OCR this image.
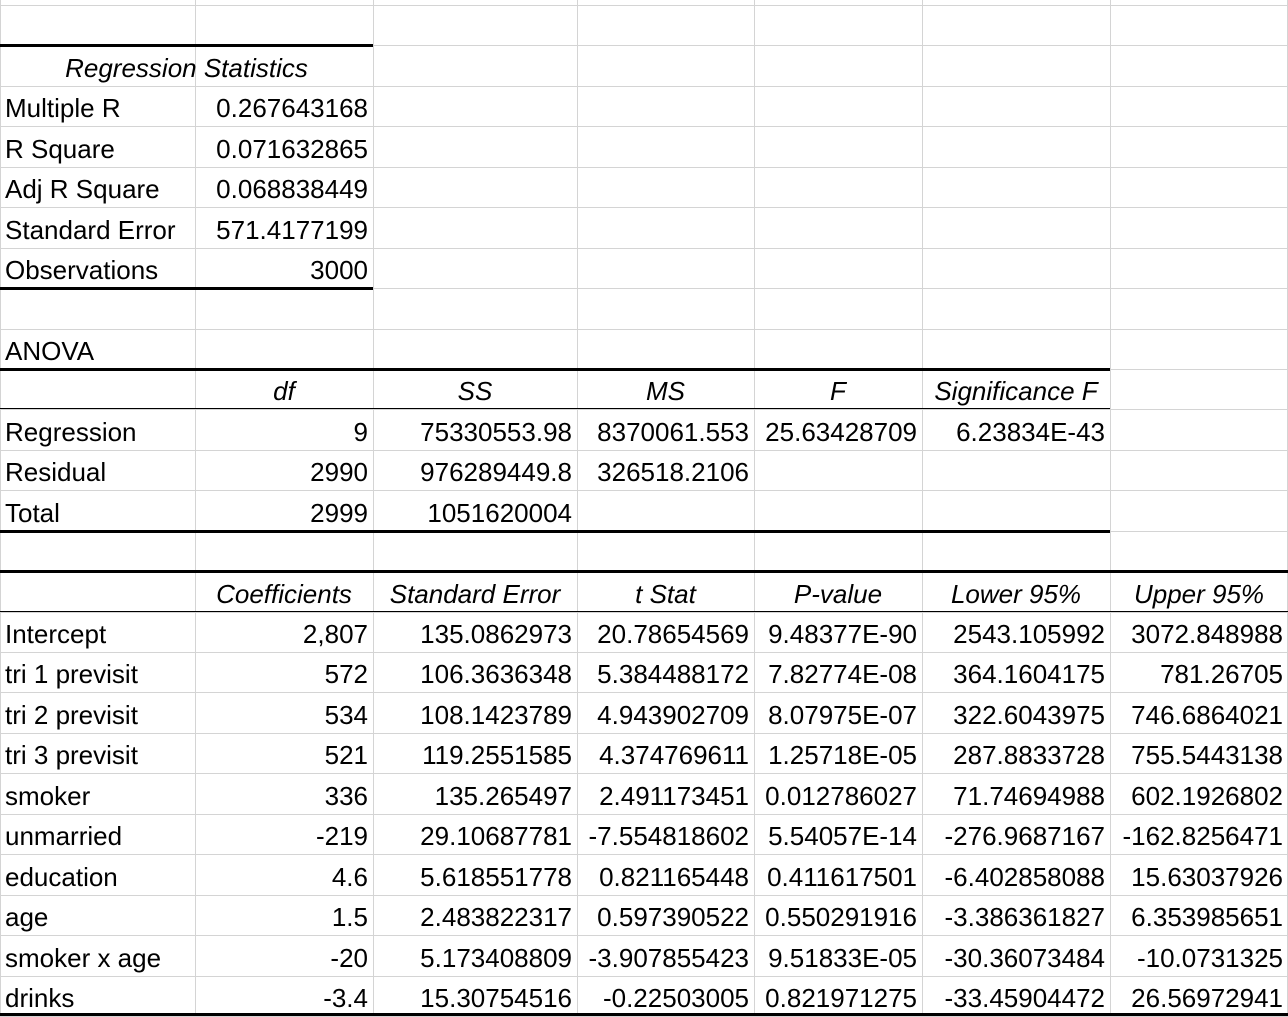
Regression Statistics
Multiple R	0.267643168
R Square	0.071632865
Adj R Square	0.068838449
Standard Error	571.4177199
Observations	3000
ANOVA
df	SS	MS	F	Significance F
Regression	9	75330553.98 8370061.553 25.63428709	6.23834E-43
Residual	2990	976289449.8 326518.2106
Total	2999	1051620004
Coefficients	Standard Error	t Stat	P-value	Lower 95%	Upper 95%
Intercept	2,807	135.0862973 20.78654569 9.48377E-90	2543.105992	3072.848988
tri 1 previsit	572	106.3636348 5.384488172 7.82774E-08	364.1604175	781.26705
tri 2 previsit	534	108.1423789 4.943902709 8.07975E-07	322.6043975	746.6864021
tri 3 previsit	521	119.2551585	4.374769611 1.25718E-05	287.8833728	755.5443138
smoker	336	135.265497	2.491173451 0.012786027	71.74694988	602.1926802
unmarried	-219	29.10687781 -7.554818602 5.54057E-14	-276.9687167 -162.8256471
education	4.6	5.618551778	0.821165448 0.411617501	-6.402858088	15.63037926
age	1.5	2.483822317 0.597390522 0.550291916	-3.386361827	6.353985651
smoker x age	-20	5.173408809 -3.907855423 9.51833E-05	-30.36073484	-10.0731325
drinks	-3.4	15.30754516	-0.22503005 0.821971275	-33.45904472	26.56972941
